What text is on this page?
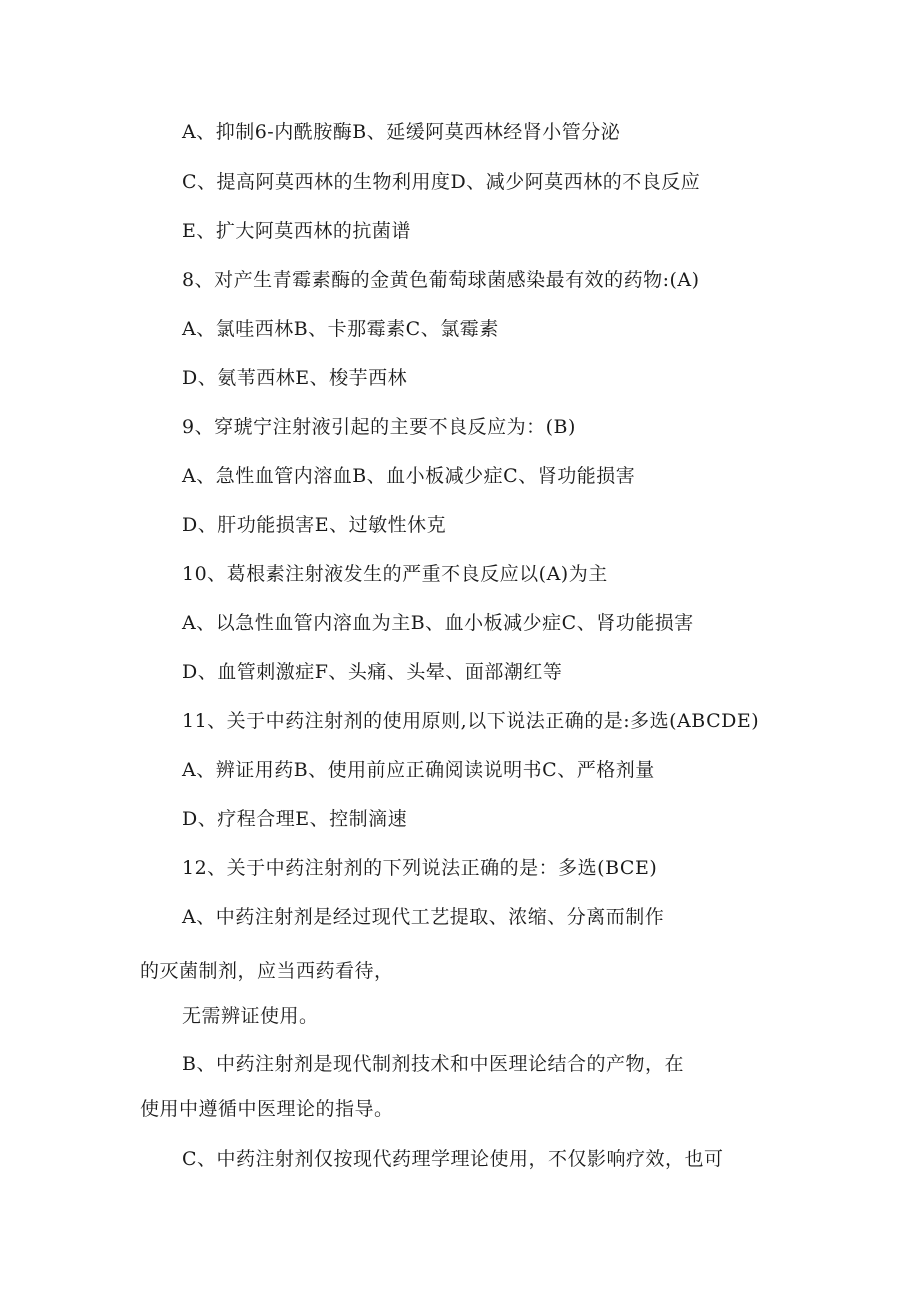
A、抑制6-内酰胺酶B、延缓阿莫西林经肾小管分泌
C、提高阿莫西林的生物利用度D、减少阿莫西林的不良反应
E、扩大阿莫西林的抗菌谱
8、对产生青霉素酶的金黄色葡萄球菌感染最有效的药物:(A)
A、氯哇西林B、卡那霉素C、氯霉素
D、氨苇西林E、梭芋西林
9、穿琥宁注射液引起的主要不良反应为：(B)
A、急性血管内溶血B、血小板减少症C、肾功能损害
D、肝功能损害E、过敏性休克
10、葛根素注射液发生的严重不良反应以(A)为主
A、以急性血管内溶血为主B、血小板减少症C、肾功能损害
D、血管刺激症F、头痛、头晕、面部潮红等
11、关于中药注射剂的使用原则,以下说法正确的是:多选(ABCDE)
A、辨证用药B、使用前应正确阅读说明书C、严格剂量
D、疗程合理E、控制滴速
12、关于中药注射剂的下列说法正确的是：多选(BCE)
A、中药注射剂是经过现代工艺提取、浓缩、分离而制作
的灭菌制剂，应当西药看待，
无需辨证使用。
B、中药注射剂是现代制剂技术和中医理论结合的产物，在
使用中遵循中医理论的指导。
C、中药注射剂仅按现代药理学理论使用，不仅影响疗效，也可
